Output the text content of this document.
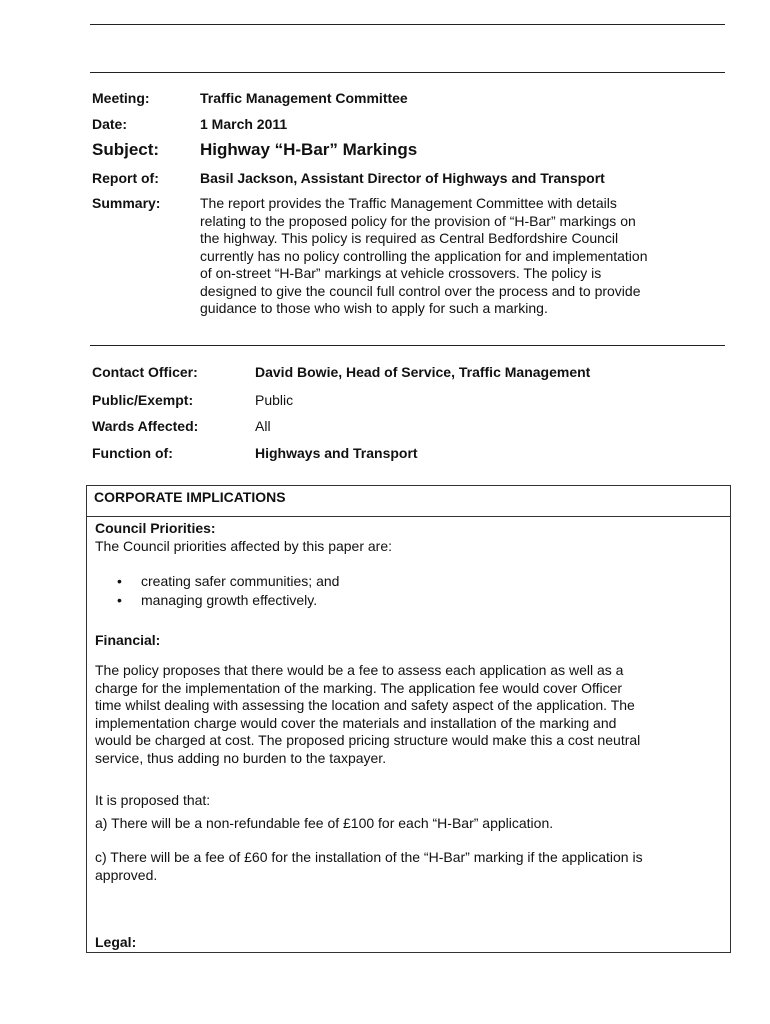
Meeting:	Traffic Management Committee
Date:	1 March 2011
Subject: Highway “H-Bar” Markings
Report of:	Basil Jackson, Assistant Director of Highways and Transport
Summary:	The report provides the Traffic Management Committee with details
relating to the proposed policy for the provision of “H-Bar” markings on
the highway. This policy is required as Central Bedfordshire Council
currently has no policy controlling the application for and implementation
of on-street “H-Bar” markings at vehicle crossovers. The policy is
designed to give the council full control over the process and to provide
guidance to those who wish to apply for such a marking.
Contact Officer:	David Bowie, Head of Service, Traffic Management
Public/Exempt:	Public
Wards Affected:	All
Function of:	Highways and Transport
CORPORATE IMPLICATIONS
Council Priorities:
The Council priorities affected by this paper are:
• creating safer communities; and
• managing growth effectively.
Financial:
The policy proposes that there would be a fee to assess each application as well as a
charge for the implementation of the marking. The application fee would cover Officer
time whilst dealing with assessing the location and safety aspect of the application. The
implementation charge would cover the materials and installation of the marking and
would be charged at cost. The proposed pricing structure would make this a cost neutral
service, thus adding no burden to the taxpayer.
It is proposed that:
a) There will be a non-refundable fee of £100 for each “H-Bar” application.
c) There will be a fee of £60 for the installation of the “H-Bar” marking if the application is
approved.
Legal:
